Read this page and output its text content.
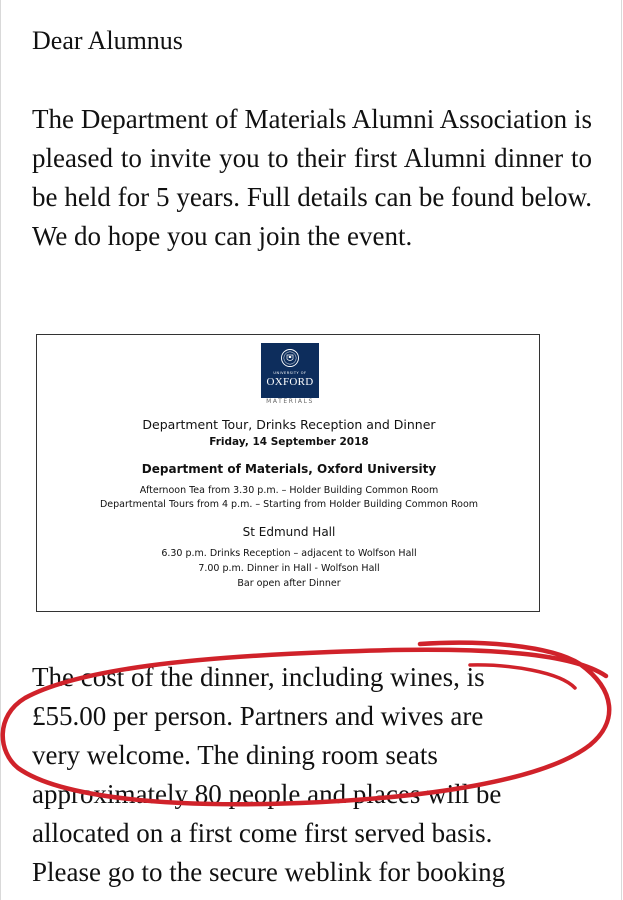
Dear Alumnus

The Department of Materials Alumni Association is pleased to invite you to their first Alumni dinner to be held for 5 years. Full details can be found below. We do hope you can join the event.

UNIVERSITY OF
OXFORD
MATERIALS

Department Tour, Drinks Reception and Dinner

Friday, 14 September 2018

Department of Materials, Oxford University

Afternoon Tea from 3.30 p.m. – Holder Building Common Room

Departmental Tours from 4 p.m. – Starting from Holder Building Common Room

St Edmund Hall

6.30 p.m. Drinks Reception – adjacent to Wolfson Hall

7.00 p.m. Dinner in Hall - Wolfson Hall

Bar open after Dinner

The cost of the dinner, including wines, is
£55.00 per person. Partners and wives are
very welcome. The dining room seats
approximately 80 people and places will be
allocated on a first come first served basis.
Please go to the secure weblink for booking
